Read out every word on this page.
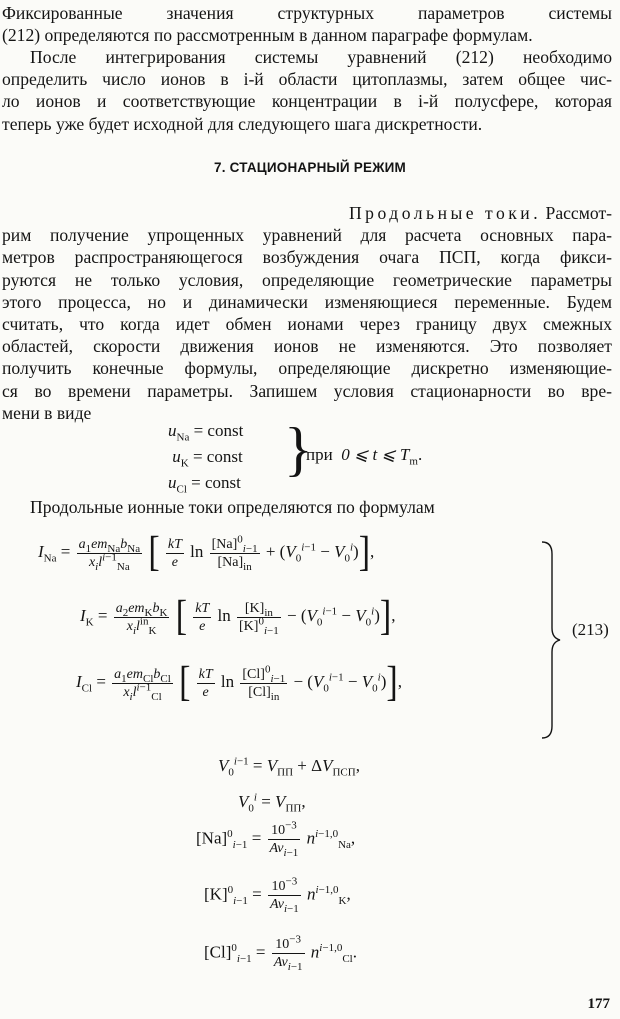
Фиксированные значения структурных параметров системы
(212) определяются по рассмотренным в данном параграфе формулам.
После интегрирования системы уравнений (212) необходимо
определить число ионов в i-й области цитоплазмы, затем общее чис-
ло ионов и соответствующие концентрации в i-й полусфере, которая
теперь уже будет исходной для следующего шага дискретности.
7. СТАЦИОНАРНЫЙ РЕЖИМ
Продольные токи. Рассмот-
рим получение упрощенных уравнений для расчета основных пара-
метров распространяющегося возбуждения очага ПСП, когда фикси-
руются не только условия, определяющие геометрические параметры
этого процесса, но и динамически изменяющиеся переменные. Будем
считать, что когда идет обмен ионами через границу двух смежных
областей, скорости движения ионов не изменяются. Это позволяет
получить конечные формулы, определяющие дискретно изменяющие-
ся во времени параметры. Запишем условия стационарности во вре-
мени в виде
$u_{Na}$ = const
$u_K$ = const
$u_{Cl}$ = const
}
при 0 ⩽ t ⩽ $T_m$.
Продольные ионные токи определяются по формулам
$I_{Na} = \frac{a_1em_{Na}b_{Na}}{x_il^{i-1}_{Na}}$ [ $\frac{kT}{e}$ $\ln \frac{[Na]^0_{i-1}}{[Na]_{in}} + (V_0^{i-1} - V_0^i)$],
$I_K = \frac{a_2em_Kb_K}{x_il^{in}_K}$ [ $\frac{kT}{e}$ $\ln \frac{[K]_{in}}{[K]^0_{i-1}} - (V_0^{i-1} - V_0^i)$],
$I_{Cl} = \frac{a_1em_{Cl}b_{Cl}}{x_il^{i-1}_{Cl}}$ [ $\frac{kT}{e}$ $\ln \frac{[Cl]^0_{i-1}}{[Cl]_{in}} - (V_0^{i-1} - V_0^i)$],
(213)
$V_0^{i-1} = V_{ПП} + \Delta V_{ПСП}$,
$V_0^i = V_{ПП}$,
$[Na]^0_{i-1} = \frac{10^{-3}}{Av_{i-1}} n^{i-1,0}_{Na}$,
$[K]^0_{i-1} = \frac{10^{-3}}{Av_{i-1}} n^{i-1,0}_K$,
$[Cl]^0_{i-1} = \frac{10^{-3}}{Av_{i-1}} n^{i-1,0}_{Cl}$.
177
